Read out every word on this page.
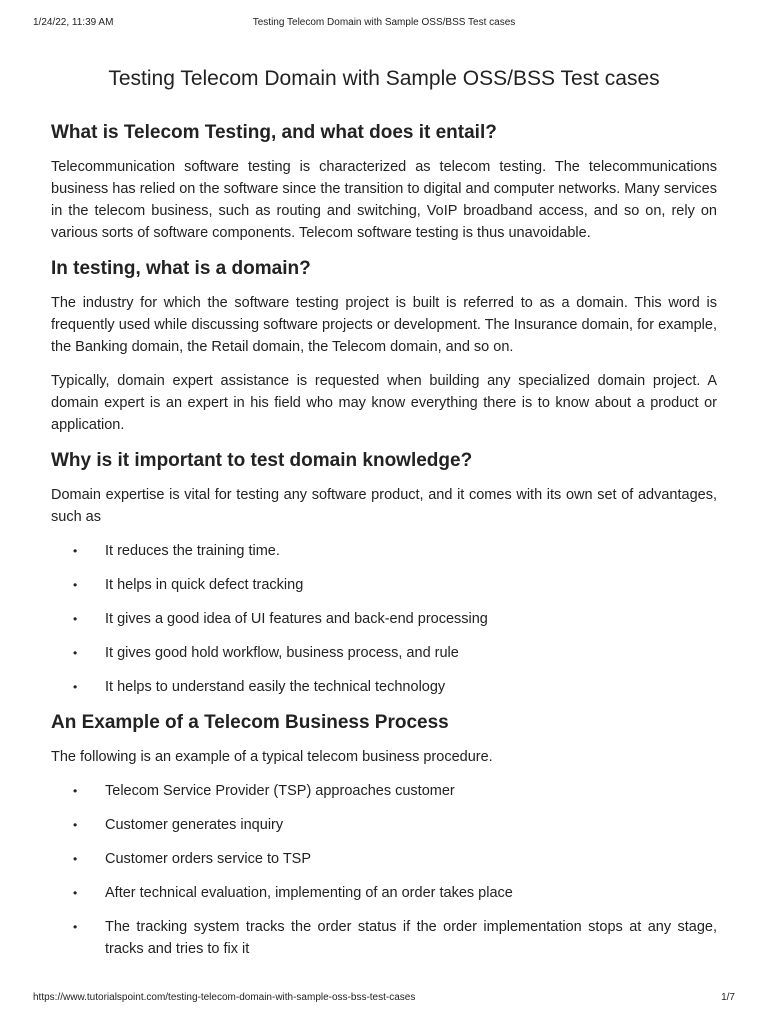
1/24/22, 11:39 AM	Testing Telecom Domain with Sample OSS/BSS Test cases
Testing Telecom Domain with Sample OSS/BSS Test cases
What is Telecom Testing, and what does it entail?

Telecommunication software testing is characterized as telecom testing. The telecommunications business has relied on the software since the transition to digital and computer networks. Many services in the telecom business, such as routing and switching, VoIP broadband access, and so on, rely on various sorts of software components. Telecom software testing is thus unavoidable.

In testing, what is a domain?

The industry for which the software testing project is built is referred to as a domain. This word is frequently used while discussing software projects or development. The Insurance domain, for example, the Banking domain, the Retail domain, the Telecom domain, and so on.

Typically, domain expert assistance is requested when building any specialized domain project. A domain expert is an expert in his field who may know everything there is to know about a product or application.

Why is it important to test domain knowledge?

Domain expertise is vital for testing any software product, and it comes with its own set of advantages, such as

• It reduces the training time.
• It helps in quick defect tracking
• It gives a good idea of UI features and back-end processing
• It gives good hold workflow, business process, and rule
• It helps to understand easily the technical technology
An Example of a Telecom Business Process

The following is an example of a typical telecom business procedure.

• Telecom Service Provider (TSP) approaches customer
• Customer generates inquiry
• Customer orders service to TSP
• After technical evaluation, implementing of an order takes place
• The tracking system tracks the order status if the order implementation stops at any stage, tracks and tries to fix it
https://www.tutorialspoint.com/testing-telecom-domain-with-sample-oss-bss-test-cases	1/7
